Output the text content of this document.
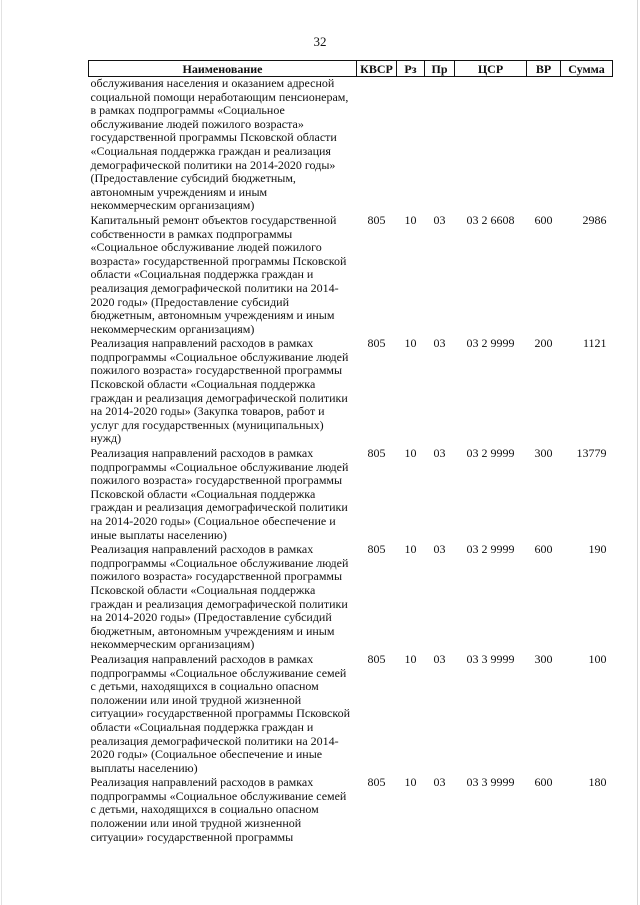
32
Наименование	КВСР	Рз	Пр	ЦСР	ВР	Сумма
обслуживания населения и оказанием адресной социальной помощи неработающим пенсионерам, в рамках подпрограммы «Социальное обслуживание людей пожилого возраста» государственной программы Псковской области «Социальная поддержка граждан и реализация демографической политики на 2014-2020 годы» (Предоставление субсидий бюджетным, автономным учреждениям и иным некоммерческим организациям)						
Капитальный ремонт объектов государственной собственности в рамках подпрограммы «Социальное обслуживание людей пожилого возраста» государственной программы Псковской области «Социальная поддержка граждан и реализация демографической политики на 2014-2020 годы» (Предоставление субсидий бюджетным, автономным учреждениям и иным некоммерческим организациям)	805	10	03	03 2 6608	600	2986
Реализация направлений расходов в рамках подпрограммы «Социальное обслуживание людей пожилого возраста» государственной программы Псковской области «Социальная поддержка граждан и реализация демографической политики на 2014-2020 годы» (Закупка товаров, работ и услуг для государственных (муниципальных) нужд)	805	10	03	03 2 9999	200	1121
Реализация направлений расходов в рамках подпрограммы «Социальное обслуживание людей пожилого возраста» государственной программы Псковской области «Социальная поддержка граждан и реализация демографической политики на 2014-2020 годы» (Социальное обеспечение и иные выплаты населению)	805	10	03	03 2 9999	300	13779
Реализация направлений расходов в рамках подпрограммы «Социальное обслуживание людей пожилого возраста» государственной программы Псковской области «Социальная поддержка граждан и реализация демографической политики на 2014-2020 годы» (Предоставление субсидий бюджетным, автономным учреждениям и иным некоммерческим организациям)	805	10	03	03 2 9999	600	190
Реализация направлений расходов в рамках подпрограммы «Социальное обслуживание семей с детьми, находящихся в социально опасном положении или иной трудной жизненной ситуации» государственной программы Псковской области «Социальная поддержка граждан и реализация демографической политики на 2014-2020 годы» (Социальное обеспечение и иные выплаты населению)	805	10	03	03 3 9999	300	100
Реализация направлений расходов в рамках подпрограммы «Социальное обслуживание семей с детьми, находящихся в социально опасном положении или иной трудной жизненной ситуации» государственной программы	805	10	03	03 3 9999	600	180
